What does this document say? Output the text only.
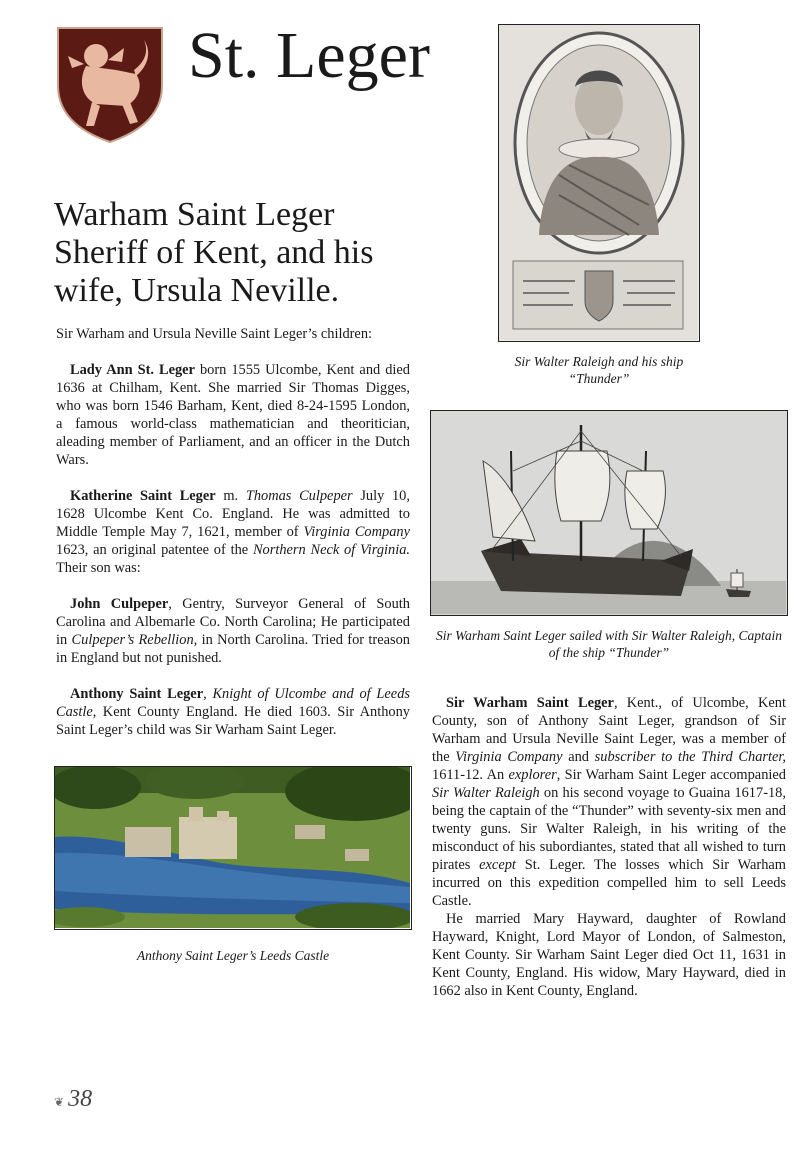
St. Leger
Warham Saint Leger Sheriff of Kent, and his wife, Ursula Neville.

Sir Warham and Ursula Neville Saint Leger’s children:

Lady Ann St. Leger born 1555 Ulcombe, Kent and died 1636 at Chilham, Kent. She married Sir Thomas Digges, who was born 1546 Barham, Kent, died 8-24-1595 London, a famous world-class mathematician and theoritician, aleading member of Parliament, and an officer in the Dutch Wars.

Katherine Saint Leger m. Thomas Culpeper July 10, 1628 Ulcombe Kent Co. England. He was admitted to Middle Temple May 7, 1621, member of Virginia Company 1623, an original patentee of the Northern Neck of Virginia. Their son was:

John Culpeper, Gentry, Surveyor General of South Carolina and Albemarle Co. North Carolina; He participated in Culpeper’s Rebellion, in North Carolina. Tried for treason in England but not punished.

Anthony Saint Leger, Knight of Ulcombe and of Leeds Castle, Kent County England. He died 1603. Sir Anthony Saint Leger’s child was Sir Warham Saint Leger.

Sir Walter Raleigh and his ship “Thunder”
Sir Warham Saint Leger sailed with Sir Walter Raleigh, Captain of the ship “Thunder”
Anthony Saint Leger’s Leeds Castle

Sir Warham Saint Leger, Kent., of Ulcombe, Kent County, son of Anthony Saint Leger, grandson of Sir Warham and Ursula Neville Saint Leger, was a member of the Virginia Company and subscriber to the Third Charter, 1611-12. An explorer, Sir Warham Saint Leger accompanied Sir Walter Raleigh on his second voyage to Guaina 1617-18, being the captain of the “Thunder” with seventy-six men and twenty guns. Sir Walter Raleigh, in his writing of the misconduct of his subordiantes, stated that all wished to turn pirates except St. Leger. The losses which Sir Warham incurred on this expedition compelled him to sell Leeds Castle.

He married Mary Hayward, daughter of Rowland Hayward, Knight, Lord Mayor of London, of Salmeston, Kent County. Sir Warham Saint Leger died Oct 11, 1631 in Kent County, England. His widow, Mary Hayward, died in 1662 also in Kent County, England.

❦ 38
